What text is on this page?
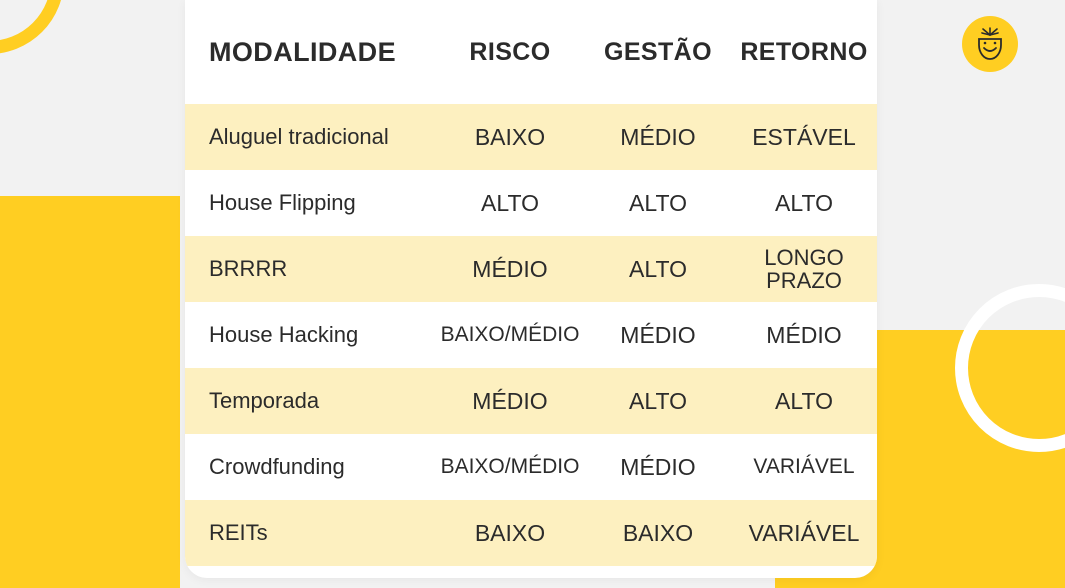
MODALIDADE	RISCO	GESTÃO	RETORNO
Aluguel tradicional	BAIXO	MÉDIO	ESTÁVEL
House Flipping	ALTO	ALTO	ALTO
BRRRR	MÉDIO	ALTO	LONGO PRAZO
House Hacking	BAIXO/MÉDIO	MÉDIO	MÉDIO
Temporada	MÉDIO	ALTO	ALTO
Crowdfunding	BAIXO/MÉDIO	MÉDIO	VARIÁVEL
REITs	BAIXO	BAIXO	VARIÁVEL
